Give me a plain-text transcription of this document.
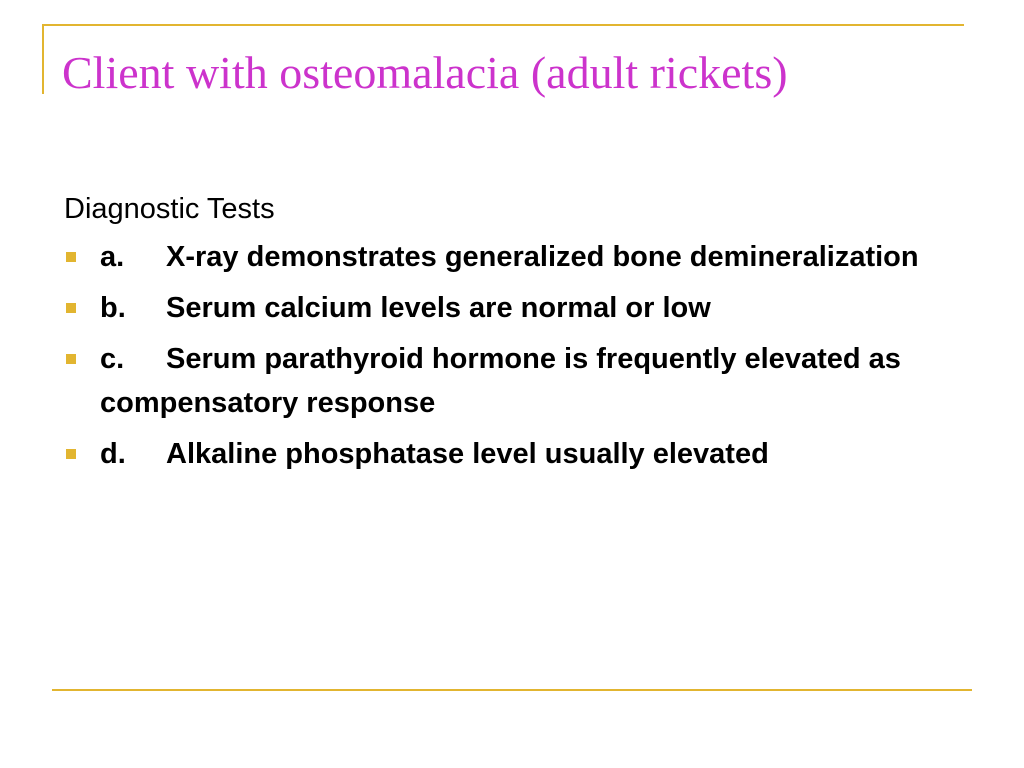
Client with osteomalacia (adult rickets)
Diagnostic Tests
a. X-ray demonstrates generalized bone demineralization
b. Serum calcium levels are normal or low
c. Serum parathyroid hormone is frequently elevated as compensatory response
d. Alkaline phosphatase level usually elevated
